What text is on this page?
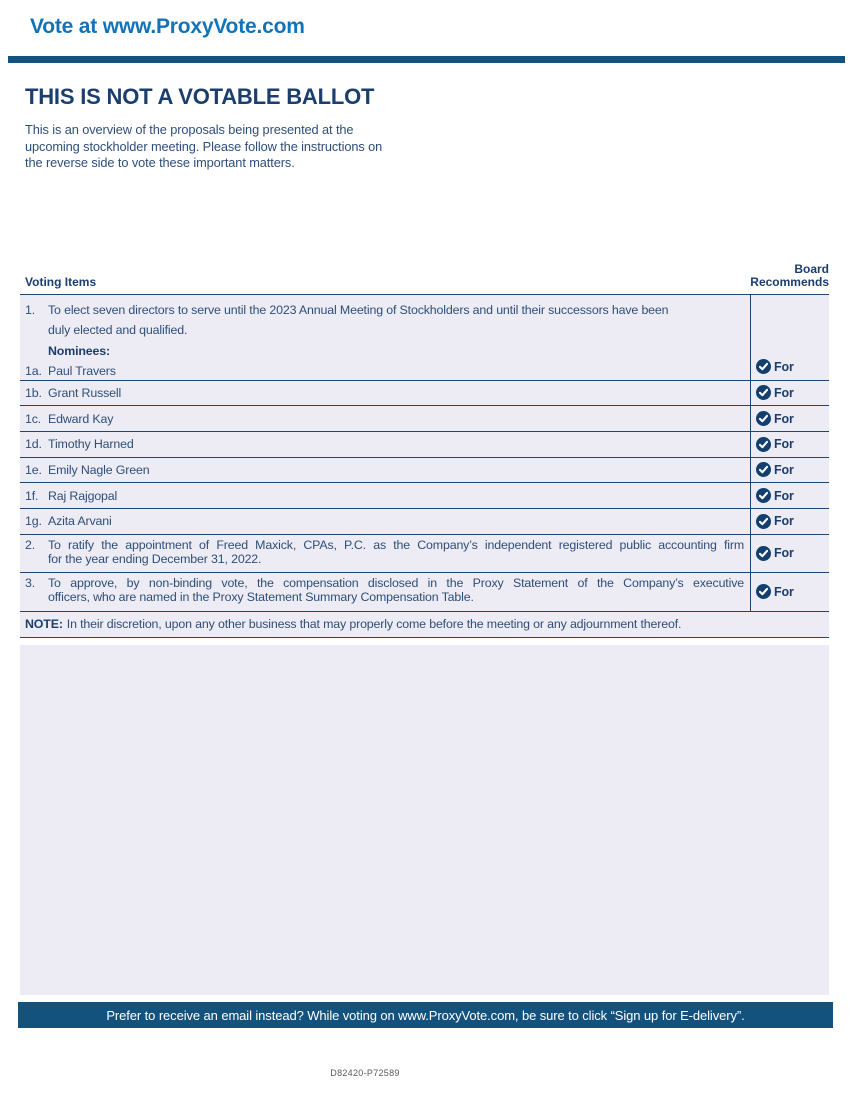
Vote at www.ProxyVote.com
THIS IS NOT A VOTABLE BALLOT
This is an overview of the proposals being presented at the
upcoming stockholder meeting. Please follow the instructions on
the reverse side to vote these important matters.
Voting Items
Board
Recommends
1.	To elect seven directors to serve until the 2023 Annual Meeting of Stockholders and until their successors have been
duly elected and qualified.
Nominees:
1a. Paul Travers	For
1b. Grant Russell	For
1c. Edward Kay	For
1d. Timothy Harned	For
1e. Emily Nagle Green	For
1f. Raj Rajgopal	For
1g. Azita Arvani	For
2.	To ratify the appointment of Freed Maxick, CPAs, P.C. as the Company’s independent registered public accounting firm
for the year ending December 31, 2022.	For
3.	To approve, by non-binding vote, the compensation disclosed in the Proxy Statement of the Company’s executive
officers, who are named in the Proxy Statement Summary Compensation Table.	For
NOTE: In their discretion, upon any other business that may properly come before the meeting or any adjournment thereof.
Prefer to receive an email instead? While voting on www.ProxyVote.com, be sure to click “Sign up for E-delivery”.
D82420-P72589
